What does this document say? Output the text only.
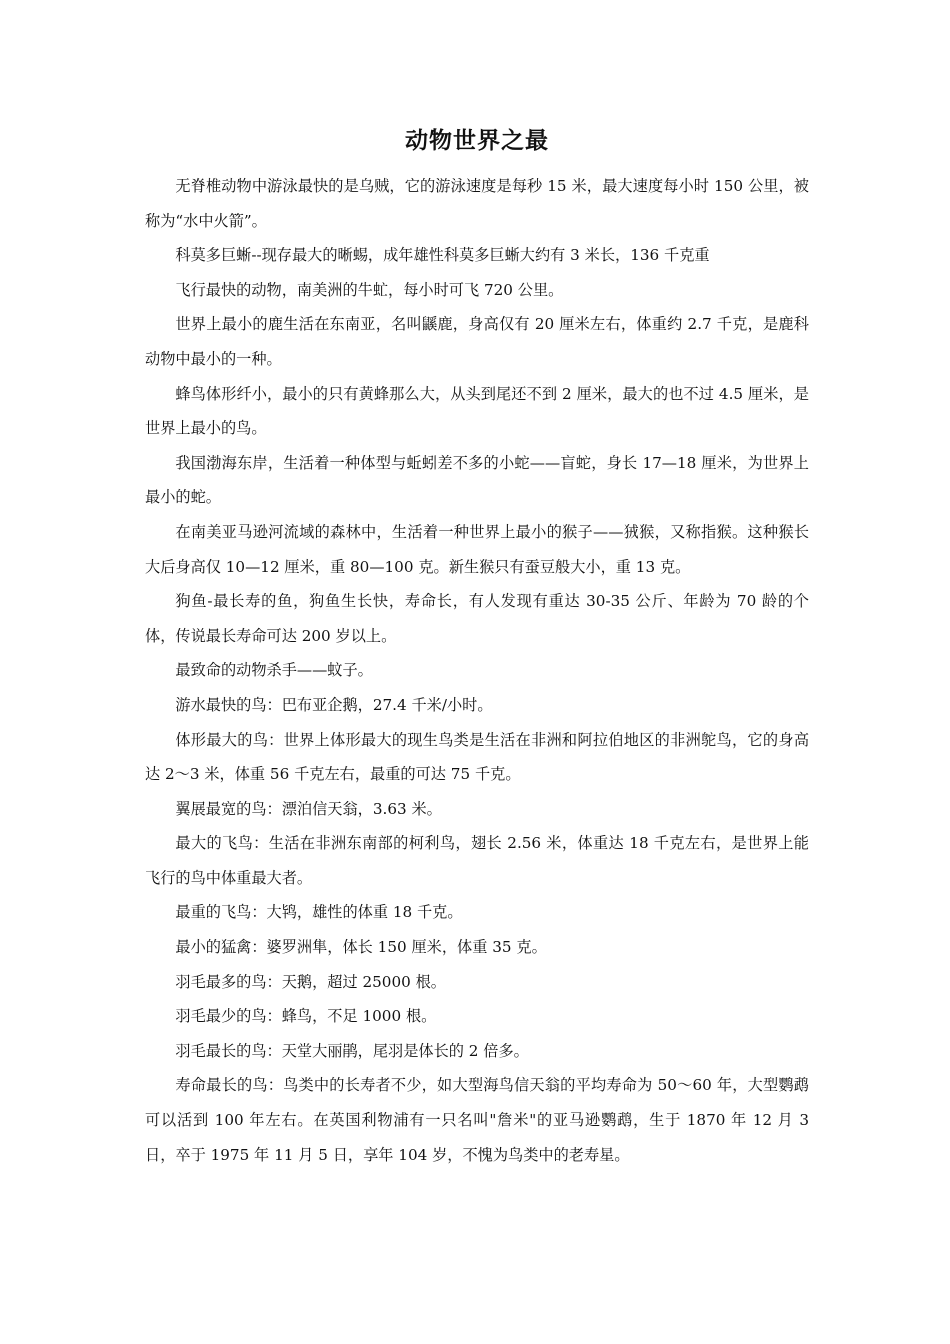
动物世界之最

无脊椎动物中游泳最快的是乌贼，它的游泳速度是每秒 15 米，最大速度每小时 150 公里，被称为“水中火箭”。

科莫多巨蜥--现存最大的晰蜴，成年雄性科莫多巨蜥大约有 3 米长，136 千克重

飞行最快的动物，南美洲的牛虻，每小时可飞 720 公里。

世界上最小的鹿生活在东南亚，名叫鼷鹿，身高仅有 20 厘米左右，体重约 2.7 千克，是鹿科动物中最小的一种。

蜂鸟体形纤小，最小的只有黄蜂那么大，从头到尾还不到 2 厘米，最大的也不过 4.5 厘米，是世界上最小的鸟。

我国渤海东岸，生活着一种体型与蚯蚓差不多的小蛇——盲蛇，身长 17—18 厘米，为世界上最小的蛇。

在南美亚马逊河流域的森林中，生活着一种世界上最小的猴子——狨猴，又称指猴。这种猴长大后身高仅 10—12 厘米，重 80—100 克。新生猴只有蚕豆般大小，重 13 克。

狗鱼-最长寿的鱼，狗鱼生长快，寿命长，有人发现有重达 30-35 公斤、年龄为 70 龄的个体，传说最长寿命可达 200 岁以上。

最致命的动物杀手——蚊子。

游水最快的鸟：巴布亚企鹅，27.4 千米/小时。

体形最大的鸟：世界上体形最大的现生鸟类是生活在非洲和阿拉伯地区的非洲鸵鸟，它的身高达 2～3 米，体重 56 千克左右，最重的可达 75 千克。

翼展最宽的鸟：漂泊信天翁，3.63 米。

最大的飞鸟：生活在非洲东南部的柯利鸟，翅长 2.56 米，体重达 18 千克左右，是世界上能飞行的鸟中体重最大者。

最重的飞鸟：大鸨，雄性的体重 18 千克。

最小的猛禽：婆罗洲隼，体长 150 厘米，体重 35 克。

羽毛最多的鸟：天鹅，超过 25000 根。

羽毛最少的鸟：蜂鸟，不足 1000 根。

羽毛最长的鸟：天堂大丽鹃，尾羽是体长的 2 倍多。

寿命最长的鸟：鸟类中的长寿者不少，如大型海鸟信天翁的平均寿命为 50～60 年，大型鹦鹉可以活到 100 年左右。在英国利物浦有一只名叫"詹米"的亚马逊鹦鹉，生于 1870 年 12 月 3 日，卒于 1975 年 11 月 5 日，享年 104 岁，不愧为鸟类中的老寿星。
